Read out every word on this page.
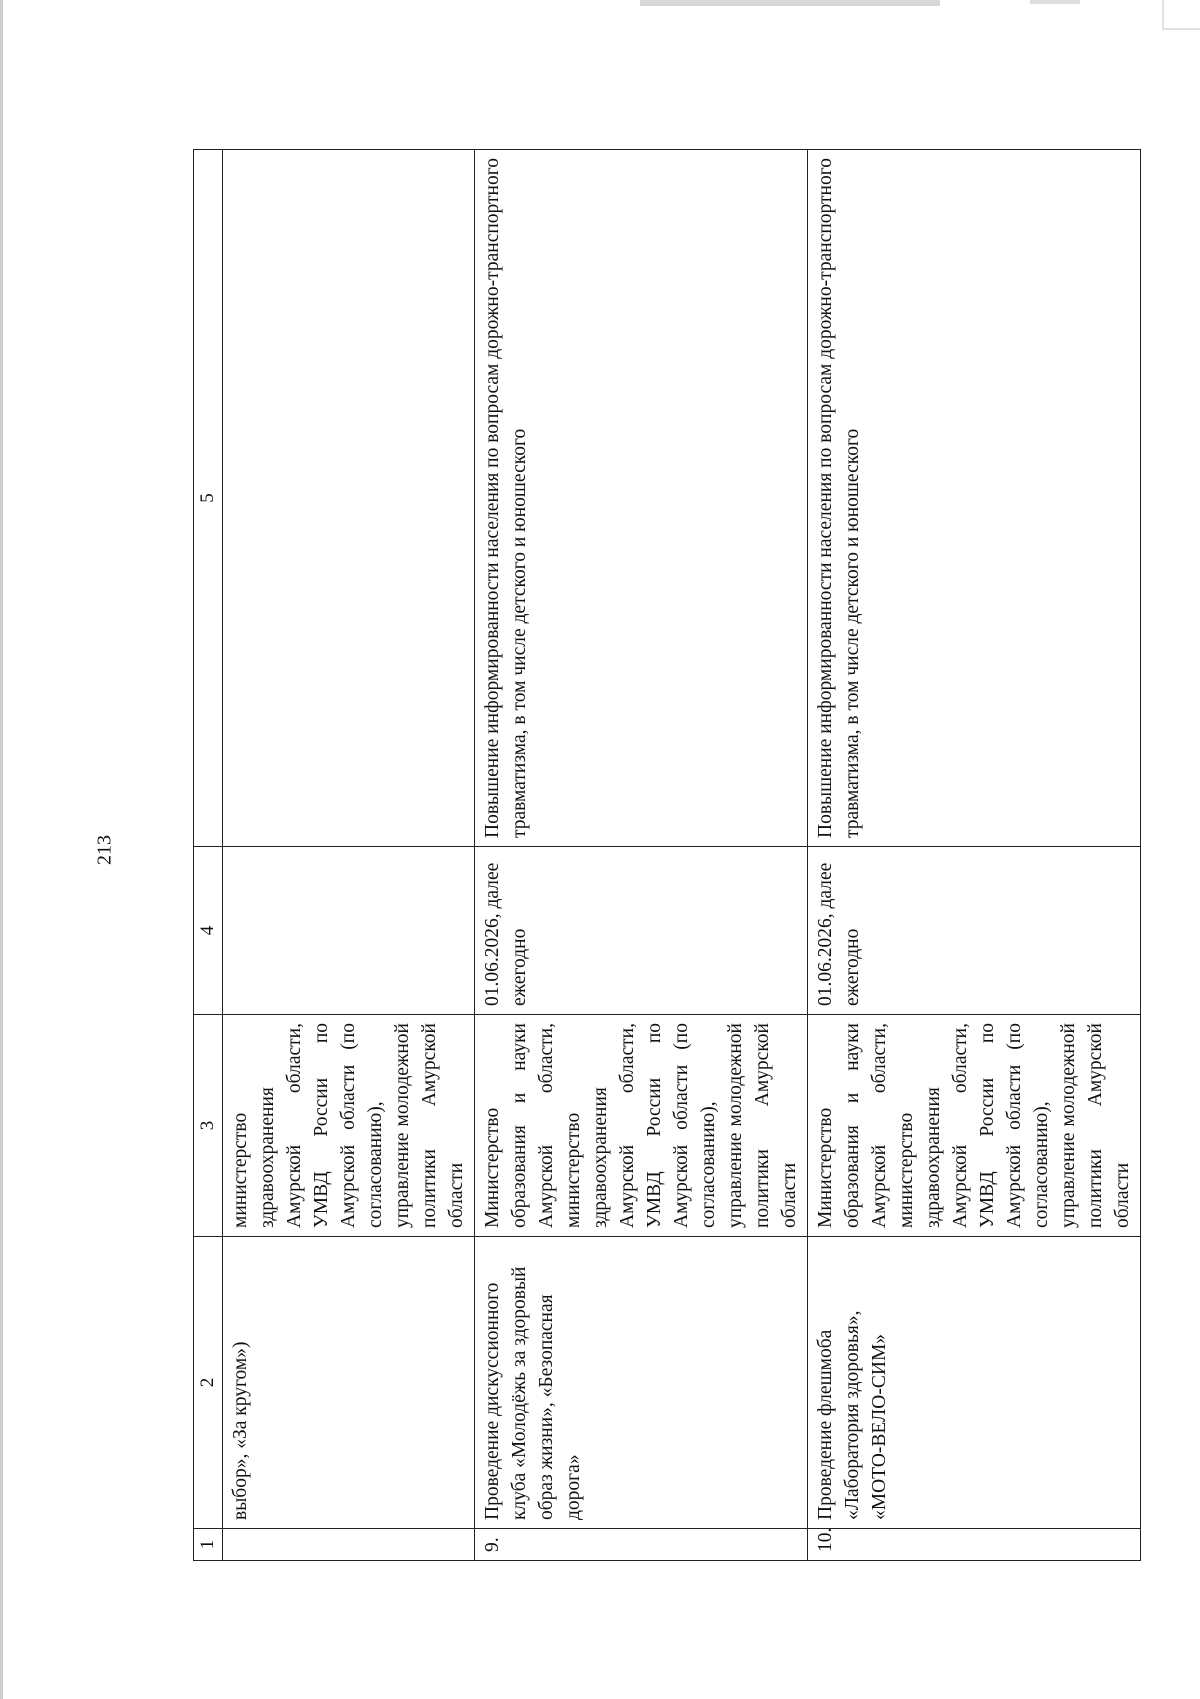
213
1	2	3	4	5
	выбор», «За кругом»)	министерство здравоохранения Амурской области, УМВД России по Амурской области (по согласованию), управление молодежной политики Амурской области		
9.	Проведение дискуссионного клуба «Молодёжь за здоровый образ жизни», «Безопасная дорога»	Министерство образования и науки Амурской области, министерство здравоохранения Амурской области, УМВД России по Амурской области (по согласованию), управление молодежной политики Амурской области	01.06.2026, далее ежегодно	Повышение информированности населения по вопросам дорожно-транспортного травматизма, в том числе детского и юношеского
10.	Проведение флешмоба «Лаборатория здоровья», «МОТО-ВЕЛО-СИМ»	Министерство образования и науки Амурской области, министерство здравоохранения Амурской области, УМВД России по Амурской области (по согласованию), управление молодежной политики Амурской области	01.06.2026, далее ежегодно	Повышение информированности населения по вопросам дорожно-транспортного травматизма, в том числе детского и юношеского
